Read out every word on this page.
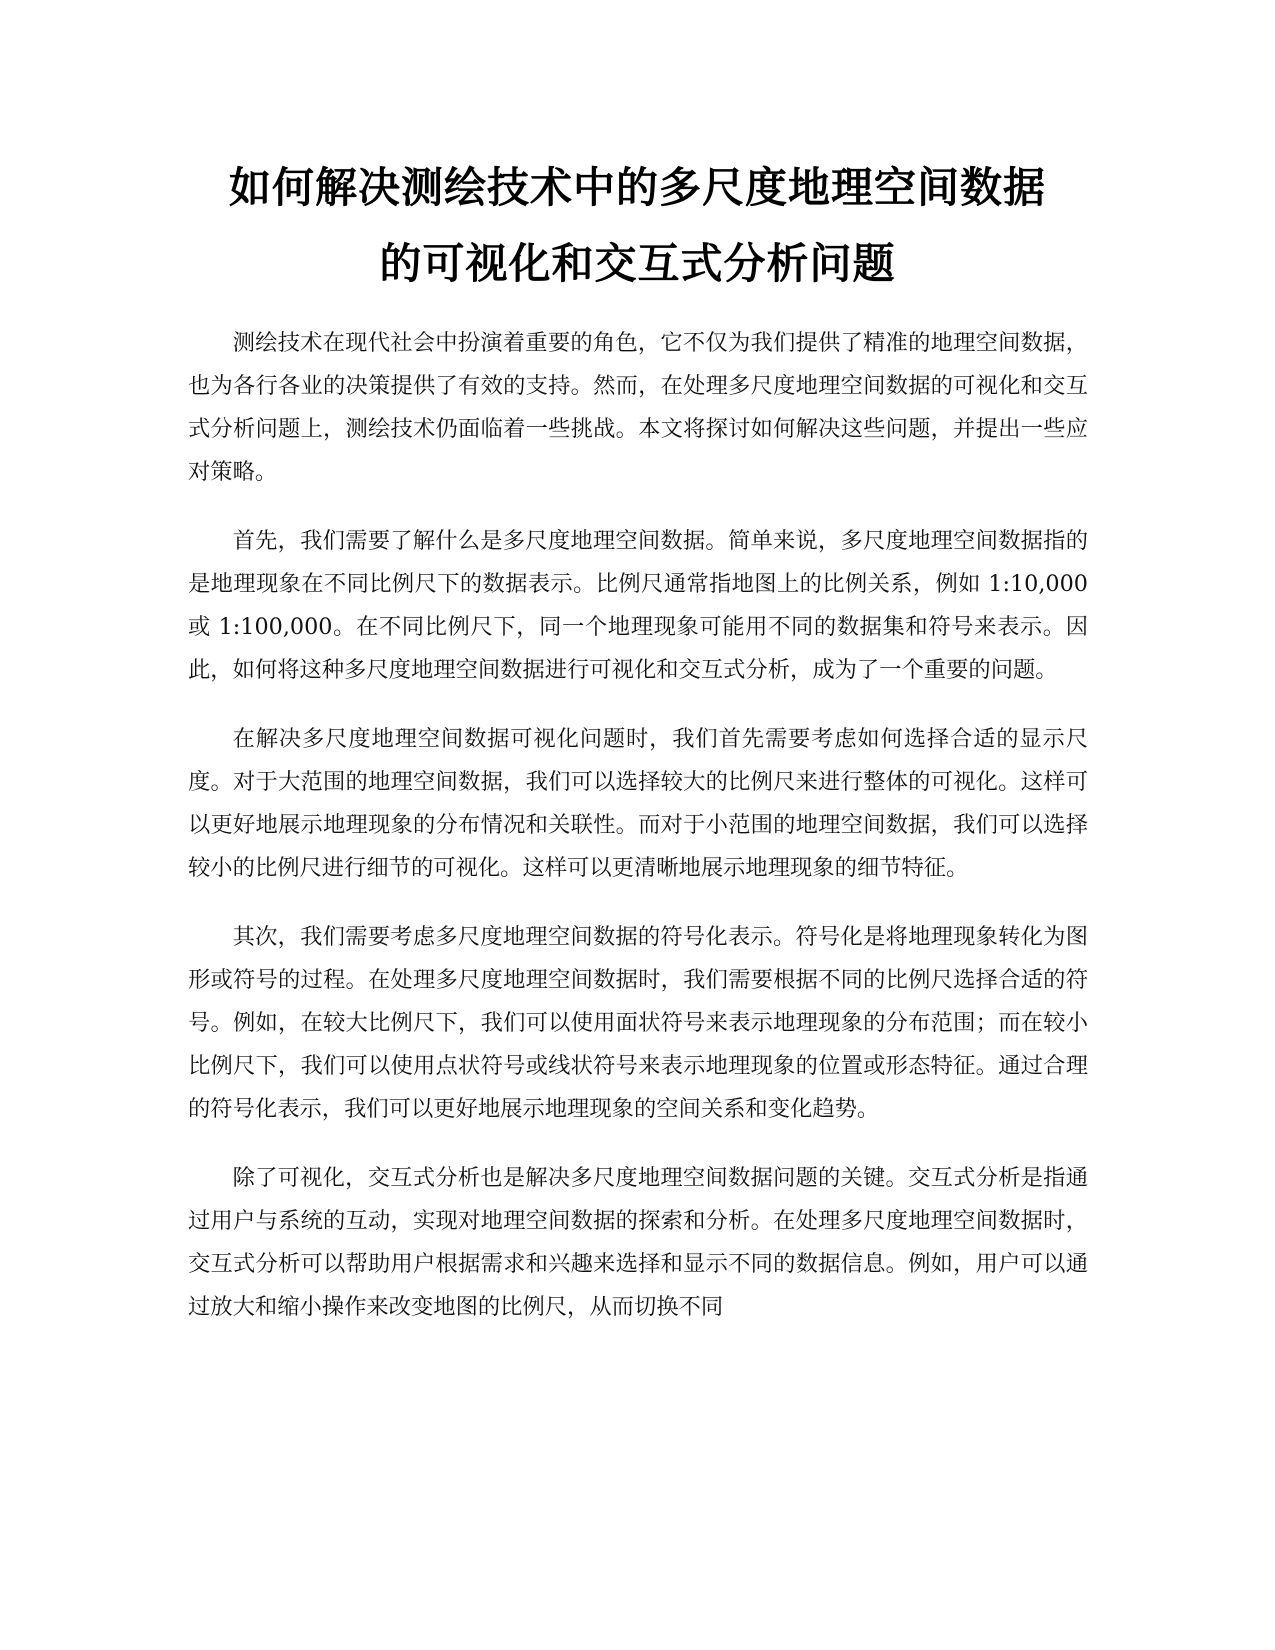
如何解决测绘技术中的多尺度地理空间数据
的可视化和交互式分析问题

测绘技术在现代社会中扮演着重要的角色，它不仅为我们提供了精准的地理空间数据，也为各行各业的决策提供了有效的支持。然而，在处理多尺度地理空间数据的可视化和交互式分析问题上，测绘技术仍面临着一些挑战。本文将探讨如何解决这些问题，并提出一些应对策略。

首先，我们需要了解什么是多尺度地理空间数据。简单来说，多尺度地理空间数据指的是地理现象在不同比例尺下的数据表示。比例尺通常指地图上的比例关系，例如 1:10,000 或 1:100,000。在不同比例尺下，同一个地理现象可能用不同的数据集和符号来表示。因此，如何将这种多尺度地理空间数据进行可视化和交互式分析，成为了一个重要的问题。

在解决多尺度地理空间数据可视化问题时，我们首先需要考虑如何选择合适的显示尺度。对于大范围的地理空间数据，我们可以选择较大的比例尺来进行整体的可视化。这样可以更好地展示地理现象的分布情况和关联性。而对于小范围的地理空间数据，我们可以选择较小的比例尺进行细节的可视化。这样可以更清晰地展示地理现象的细节特征。

其次，我们需要考虑多尺度地理空间数据的符号化表示。符号化是将地理现象转化为图形或符号的过程。在处理多尺度地理空间数据时，我们需要根据不同的比例尺选择合适的符号。例如，在较大比例尺下，我们可以使用面状符号来表示地理现象的分布范围；而在较小比例尺下，我们可以使用点状符号或线状符号来表示地理现象的位置或形态特征。通过合理的符号化表示，我们可以更好地展示地理现象的空间关系和变化趋势。

除了可视化，交互式分析也是解决多尺度地理空间数据问题的关键。交互式分析是指通过用户与系统的互动，实现对地理空间数据的探索和分析。在处理多尺度地理空间数据时，交互式分析可以帮助用户根据需求和兴趣来选择和显示不同的数据信息。例如，用户可以通过放大和缩小操作来改变地图的比例尺，从而切换不同
